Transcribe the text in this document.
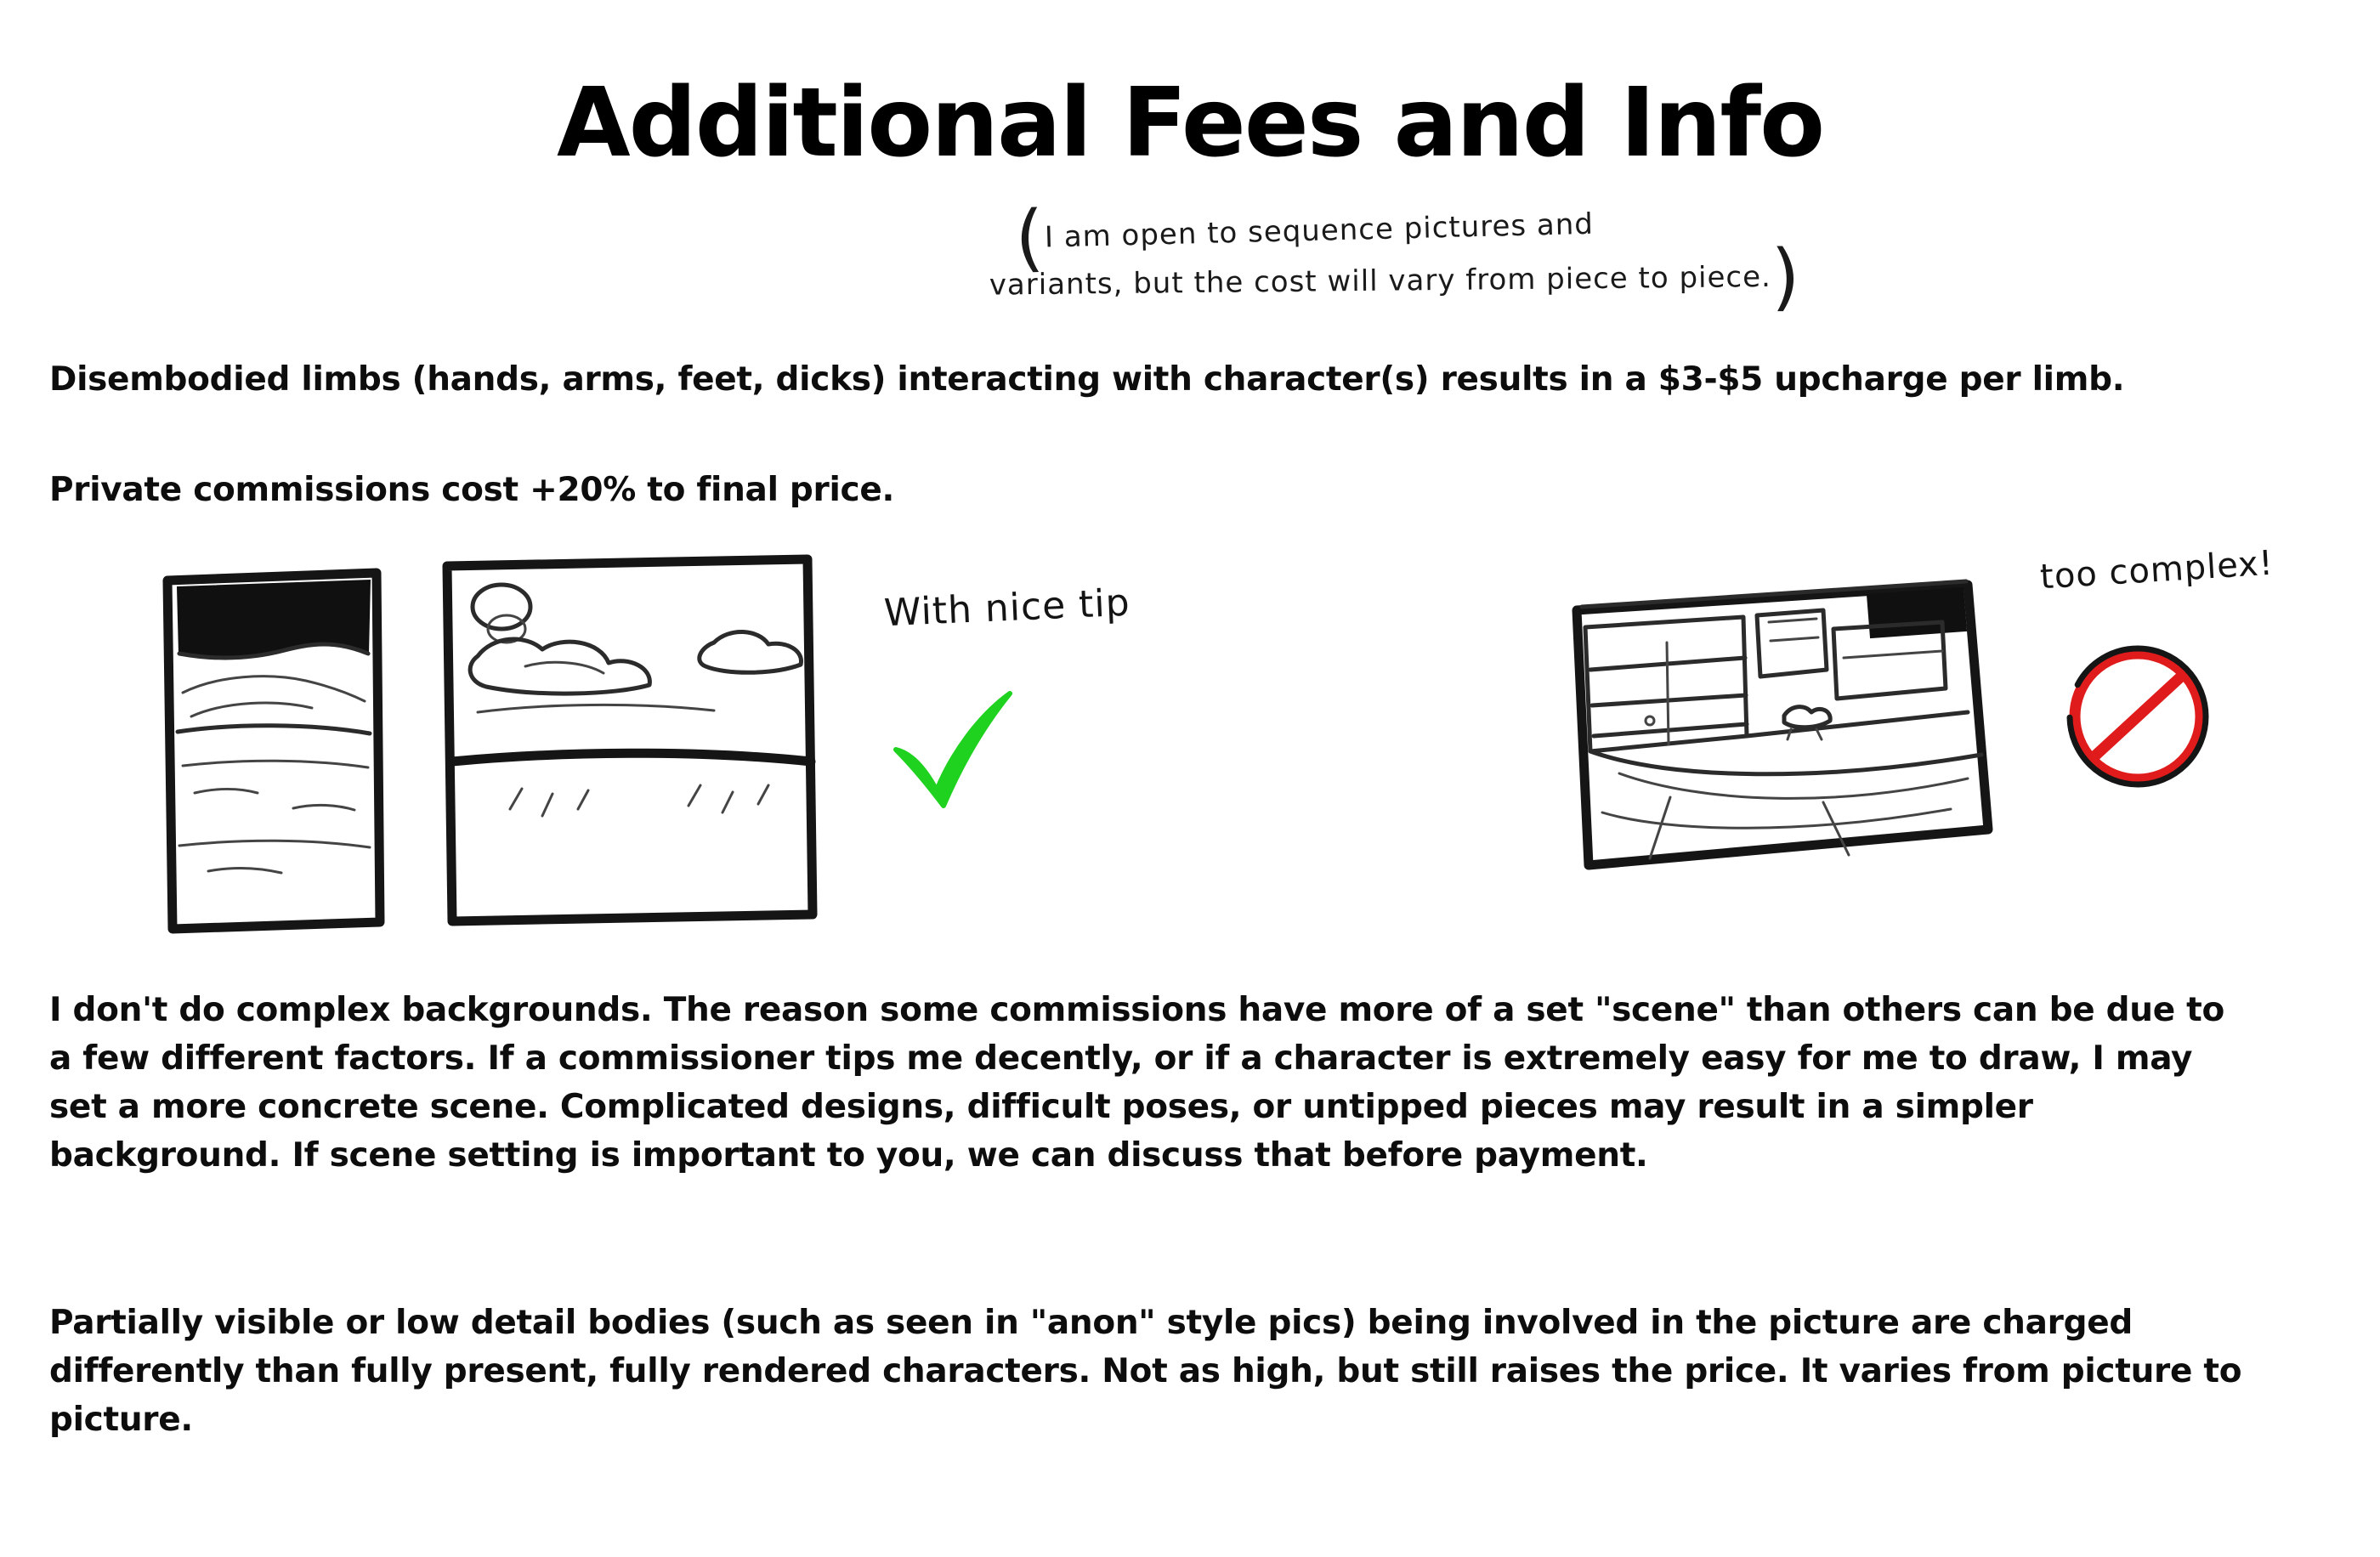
Additional Fees and Info
(I am open to sequence pictures and
variants, but the cost will vary from piece to piece.)
Disembodied limbs (hands, arms, feet, dicks) interacting with character(s) results in a $3-$5 upcharge per limb.
Private commissions cost +20% to final price.
With nice tip
too complex!
I don't do complex backgrounds. The reason some commissions have more of a set "scene" than others can be due to a few different factors. If a commissioner tips me decently, or if a character is extremely easy for me to draw, I may set a more concrete scene. Complicated designs, difficult poses, or untipped pieces may result in a simpler background. If scene setting is important to you, we can discuss that before payment.
Partially visible or low detail bodies (such as seen in "anon" style pics) being involved in the picture are charged differently than fully present, fully rendered characters. Not as high, but still raises the price. It varies from picture to picture.
